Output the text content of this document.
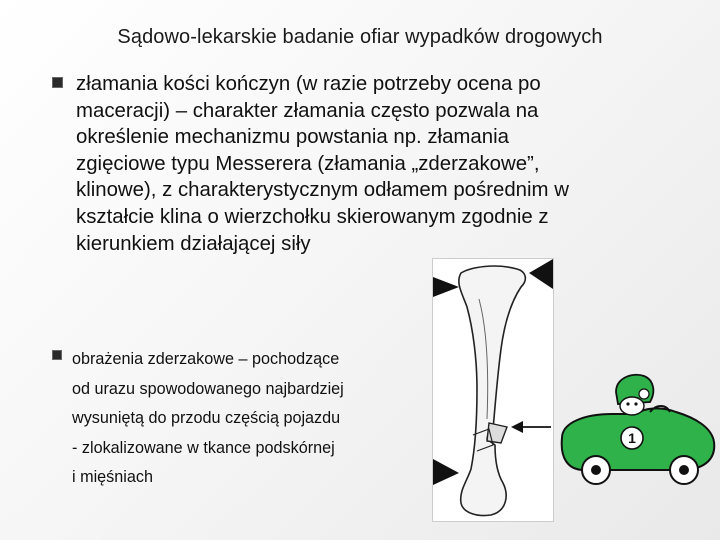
Sądowo-lekarskie badanie ofiar wypadków drogowych
złamania kości kończyn (w razie potrzeby ocena po
maceracji) – charakter złamania często pozwala na
określenie mechanizmu powstania np. złamania
zgięciowe typu Messerera (złamania „zderzakowe”,
klinowe), z charakterystycznym odłamem pośrednim w
kształcie klina o wierzchołku skierowanym zgodnie z
kierunkiem działającej siły
obrażenia zderzakowe – pochodzące
od urazu spowodowanego najbardziej
wysuniętą do przodu częścią pojazdu
- zlokalizowane w tkance podskórnej
i mięśniach
1
